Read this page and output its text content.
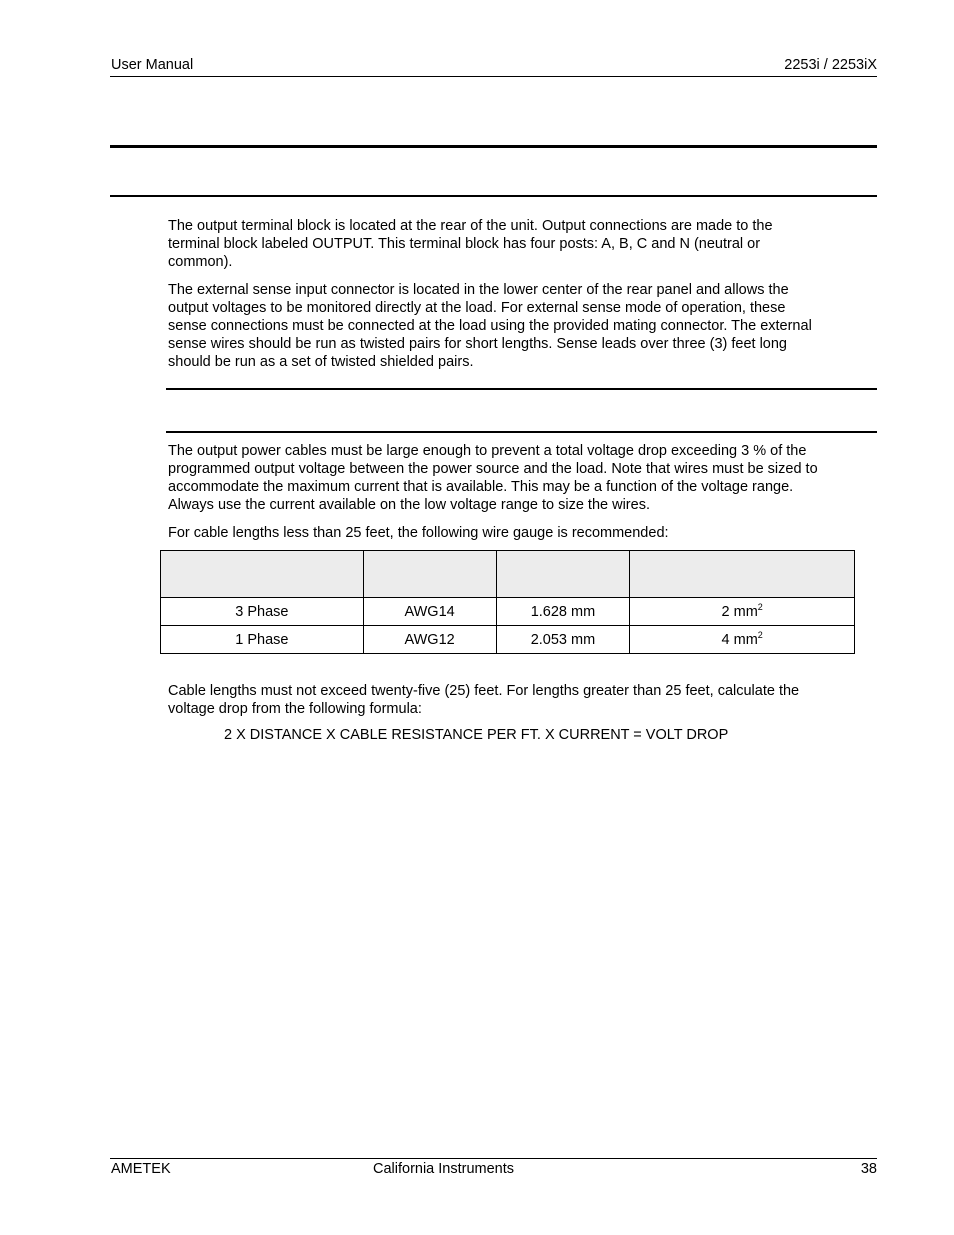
User Manual	2253i / 2253iX
The output terminal block is located at the rear of the unit. Output connections are made to the
terminal block labeled OUTPUT. This terminal block has four posts: A, B, C and N (neutral or
common).
The external sense input connector is located in the lower center of the rear panel and allows the
output voltages to be monitored directly at the load. For external sense mode of operation, these
sense connections must be connected at the load using the provided mating connector. The external
sense wires should be run as twisted pairs for short lengths. Sense leads over three (3) feet long
should be run as a set of twisted shielded pairs.
The output power cables must be large enough to prevent a total voltage drop exceeding 3 % of the
programmed output voltage between the power source and the load. Note that wires must be sized to
accommodate the maximum current that is available. This may be a function of the voltage range.
Always use the current available on the low voltage range to size the wires.
For cable lengths less than 25 feet, the following wire gauge is recommended:

3 Phase	AWG14	1.628 mm	2 $mm^2$
1 Phase	AWG12	2.053 mm	4 $mm^2$
Cable lengths must not exceed twenty-five (25) feet. For lengths greater than 25 feet, calculate the
voltage drop from the following formula:
2 X DISTANCE X CABLE RESISTANCE PER FT. X CURRENT = VOLT DROP
AMETEK	California Instruments	38
